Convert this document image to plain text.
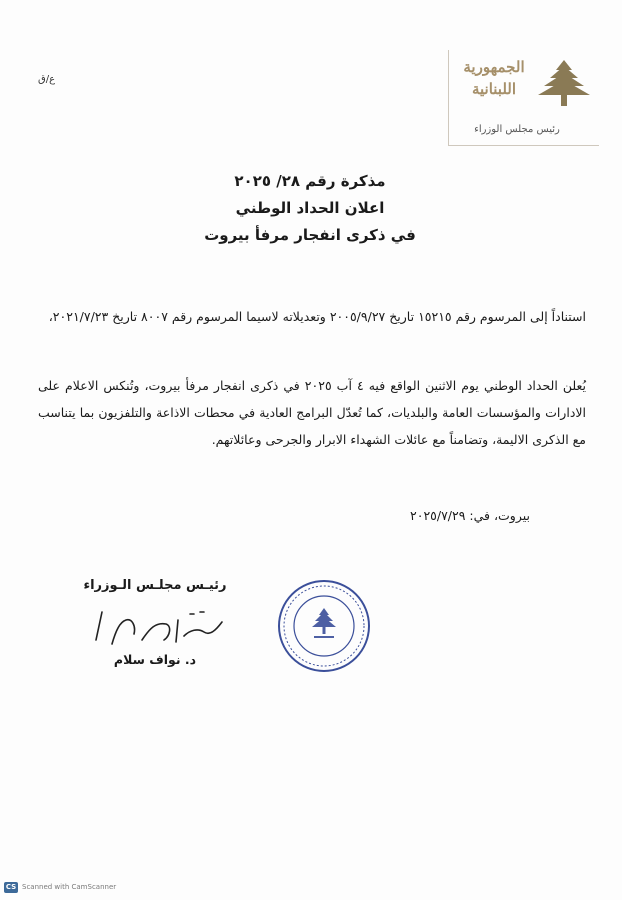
الجمهورية
اللبنانية
رئيس مجلس الوزراء
ع/ق
مذكرة رقم ٢٨/ ٢٠٢٥
اعلان الحداد الوطني
في ذكرى انفجار مرفأ بيروت
استناداً إلى المرسوم رقم ١٥٢١٥ تاريخ ٢٠٠٥/٩/٢٧ وتعديلاته لاسيما المرسوم رقم ٨٠٠٧ تاريخ ٢٠٢١/٧/٢٣،
يُعلن الحداد الوطني يوم الاثنين الواقع فيه ٤ آب ٢٠٢٥ في ذكرى انفجار مرفأ بيروت، وتُنكس الاعلام على الادارات والمؤسسات العامة والبلديات، كما تُعدّل البرامج العادية في محطات الاذاعة والتلفزيون بما يتناسب مع الذكرى الاليمة، وتضامناً مع عائلات الشهداء الابرار والجرحى وعائلاتهم.
بيروت، في: ٢٠٢٥/٧/٢٩
رئيـس مجلـس الـوزراء
د. نواف سلام
CS Scanned with CamScanner
